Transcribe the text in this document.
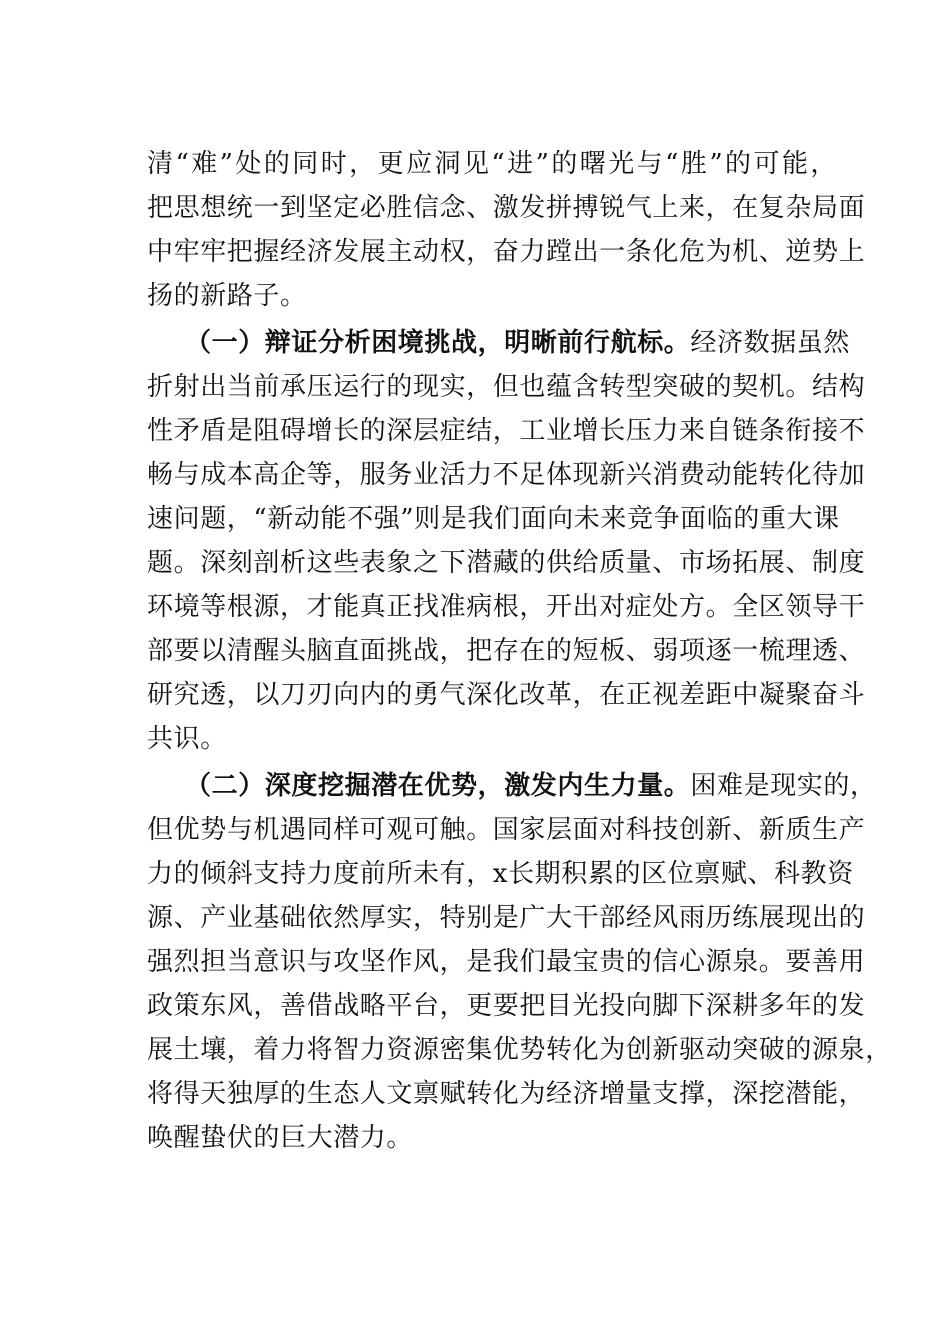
清“难”处的同时，更应洞见“进”的曙光与“胜”的可能，
把思想统一到坚定必胜信念、激发拼搏锐气上来，在复杂局面
中牢牢把握经济发展主动权，奋力蹚出一条化危为机、逆势上
扬的新路子。
（一）辩证分析困境挑战，明晰前行航标。经济数据虽然
折射出当前承压运行的现实，但也蕴含转型突破的契机。结构
性矛盾是阻碍增长的深层症结，工业增长压力来自链条衔接不
畅与成本高企等，服务业活力不足体现新兴消费动能转化待加
速问题，“新动能不强”则是我们面向未来竞争面临的重大课
题。深刻剖析这些表象之下潜藏的供给质量、市场拓展、制度
环境等根源，才能真正找准病根，开出对症处方。全区领导干
部要以清醒头脑直面挑战，把存在的短板、弱项逐一梳理透、
研究透，以刀刃向内的勇气深化改革，在正视差距中凝聚奋斗
共识。
（二）深度挖掘潜在优势，激发内生力量。困难是现实的，
但优势与机遇同样可观可触。国家层面对科技创新、新质生产
力的倾斜支持力度前所未有，x长期积累的区位禀赋、科教资
源、产业基础依然厚实，特别是广大干部经风雨历练展现出的
强烈担当意识与攻坚作风，是我们最宝贵的信心源泉。要善用
政策东风，善借战略平台，更要把目光投向脚下深耕多年的发
展土壤，着力将智力资源密集优势转化为创新驱动突破的源泉，
将得天独厚的生态人文禀赋转化为经济增量支撑，深挖潜能，
唤醒蛰伏的巨大潜力。
